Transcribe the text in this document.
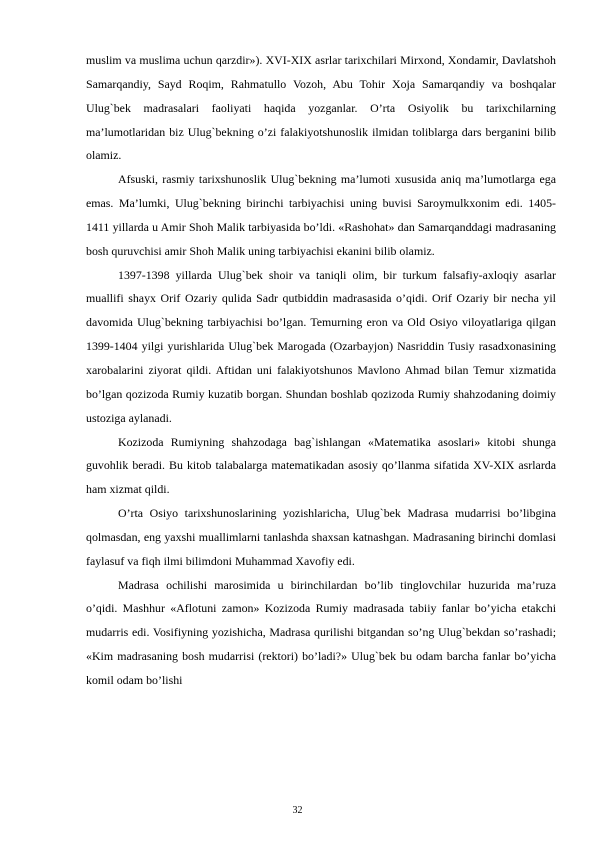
muslim va muslima uchun qarzdir»). XVI-XIX asrlar tarixchilari Mirxond, Xondamir, Davlatshoh Samarqandiy, Sayd Roqim, Rahmatullo Vozoh, Abu Tohir Xoja Samarqandiy va boshqalar Ulug`bek madrasalari faoliyati haqida yozganlar. O’rta Osiyolik bu tarixchilarning ma’lumotlaridan biz Ulug`bekning o’zi falakiyotshunoslik ilmidan toliblarga dars berganini bilib olamiz.

Afsuski, rasmiy tarixshunoslik Ulug`bekning ma’lumoti xususida aniq ma’lumotlarga ega emas. Ma’lumki, Ulug`bekning birinchi tarbiyachisi uning buvisi Saroymulkxonim edi. 1405-1411 yillarda u Amir Shoh Malik tarbiyasida bo’ldi. «Rashohat» dan Samarqanddagi madrasaning bosh quruvchisi amir Shoh Malik uning tarbiyachisi ekanini bilib olamiz.

1397-1398 yillarda Ulug`bek shoir va taniqli olim, bir turkum falsafiy-axloqiy asarlar muallifi shayx Orif Ozariy qulida Sadr qutbiddin madrasasida o’qidi. Orif Ozariy bir necha yil davomida Ulug`bekning tarbiyachisi bo’lgan. Temurning eron va Old Osiyo viloyatlariga qilgan 1399-1404 yilgi yurishlarida Ulug`bek Marogada (Ozarbayjon) Nasriddin Tusiy rasadxonasining xarobalarini ziyorat qildi. Aftidan uni falakiyotshunos Mavlono Ahmad bilan Temur xizmatida bo’lgan qozizoda Rumiy kuzatib borgan. Shundan boshlab qozizoda Rumiy shahzodaning doimiy ustoziga aylanadi.

Kozizoda Rumiyning shahzodaga bag`ishlangan «Matematika asoslari» kitobi shunga guvohlik beradi. Bu kitob talabalarga matematikadan asosiy qo’llanma sifatida XV-XIX asrlarda ham xizmat qildi.

O’rta Osiyo tarixshunoslarining yozishlaricha, Ulug`bek Madrasa mudarrisi bo’libgina qolmasdan, eng yaxshi muallimlarni tanlashda shaxsan katnashgan. Madrasaning birinchi domlasi faylasuf va fiqh ilmi bilimdoni Muhammad Xavofiy edi.

Madrasa ochilishi marosimida u birinchilardan bo’lib tinglovchilar huzurida ma’ruza o’qidi. Mashhur «Aflotuni zamon» Kozizoda Rumiy madrasada tabiiy fanlar bo’yicha etakchi mudarris edi. Vosifiyning yozishicha, Madrasa qurilishi bitgandan so’ng Ulug`bekdan so’rashadi; «Kim madrasaning bosh mudarrisi (rektori) bo’ladi?» Ulug`bek bu odam barcha fanlar bo’yicha komil odam bo’lishi

32
